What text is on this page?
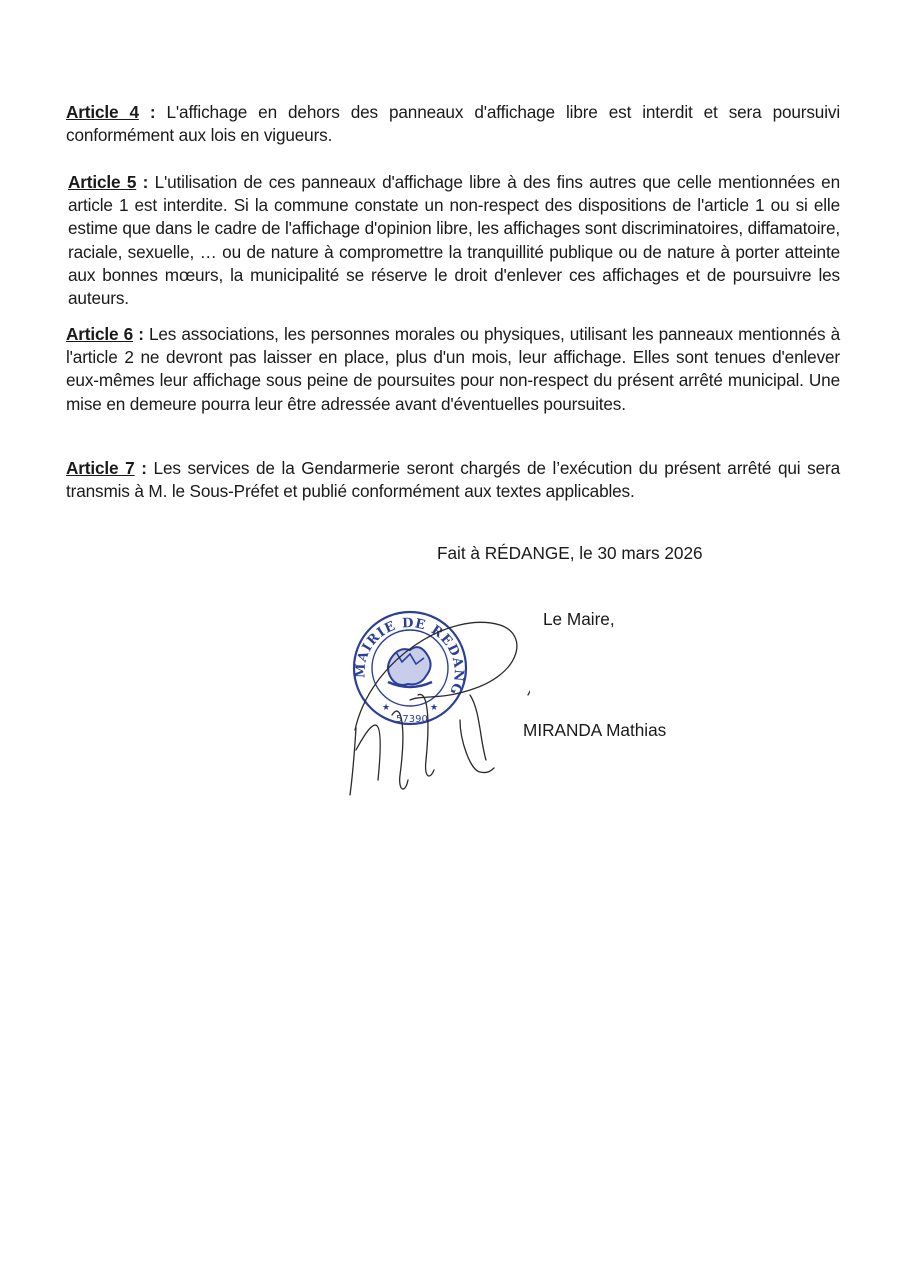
Article 4 : L'affichage en dehors des panneaux d'affichage libre est interdit et sera poursuivi conformément aux lois en vigueurs.

Article 5 : L'utilisation de ces panneaux d'affichage libre à des fins autres que celle mentionnées en article 1 est interdite. Si la commune constate un non-respect des dispositions de l'article 1 ou si elle estime que dans le cadre de l'affichage d'opinion libre, les affichages sont discriminatoires, diffamatoire, raciale, sexuelle, … ou de nature à compromettre la tranquillité publique ou de nature à porter atteinte aux bonnes mœurs, la municipalité se réserve le droit d'enlever ces affichages et de poursuivre les auteurs.

Article 6 : Les associations, les personnes morales ou physiques, utilisant les panneaux mentionnés à l'article 2 ne devront pas laisser en place, plus d'un mois, leur affichage. Elles sont tenues d'enlever eux-mêmes leur affichage sous peine de poursuites pour non-respect du présent arrêté municipal. Une mise en demeure pourra leur être adressée avant d'éventuelles poursuites.

Article 7 : Les services de la Gendarmerie seront chargés de l’exécution du présent arrêté qui sera transmis à M. le Sous-Préfet et publié conformément aux textes applicables.

Fait à RÉDANGE, le 30 mars 2026
Le Maire,
★	★
MAIRIE DE REDANG
57390
MIRANDA Mathias
